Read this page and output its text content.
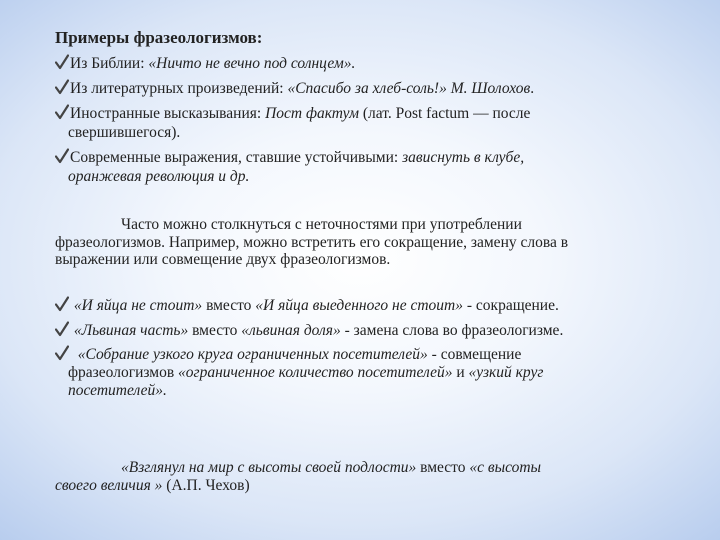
Примеры фразеологизмов:
Из Библии: «Ничто не вечно под солнцем».
Из литературных произведений: «Спасибо за хлеб-соль!» М. Шолохов.
Иностранные высказывания: Пост фактум (лат. Post factum — после
свершившегося).
Современные выражения, ставшие устойчивыми: зависнуть в клубе,
оранжевая революция и др.
Часто можно столкнуться с неточностями при употреблении
фразеологизмов. Например, можно встретить его сокращение, замену слова в
выражении или совмещение двух фразеологизмов.
«И яйца не стоит» вместо «И яйца выеденного не стоит» - сокращение.
«Львиная часть» вместо «львиная доля» - замена слова во фразеологизме.
«Собрание узкого круга ограниченных посетителей» - совмещение
фразеологизмов «ограниченное количество посетителей» и «узкий круг
посетителей».
«Взглянул на мир с высоты своей подлости» вместо «с высоты
своего величия » (А.П. Чехов)
